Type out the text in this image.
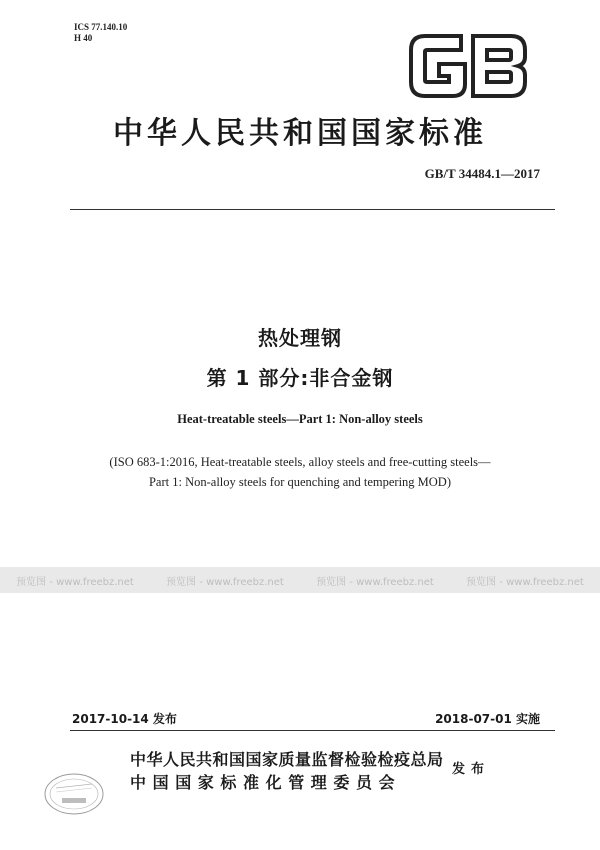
ICS 77.140.10
H 40
中华人民共和国国家标准
GB/T 34484.1—2017
热处理钢
第 1 部分:非合金钢
Heat-treatable steels—Part 1: Non-alloy steels
(ISO 683-1:2016, Heat-treatable steels, alloy steels and free-cutting steels—
Part 1: Non-alloy steels for quenching and tempering MOD)
预览图 - www.freebz.net	预览图 - www.freebz.net	预览图 - www.freebz.net	预览图 - www.freebz.net
2017-10-14 发布	2018-07-01 实施
中华人民共和国国家质量监督检验检疫总局
中国国家标准化管理委员会
发布
